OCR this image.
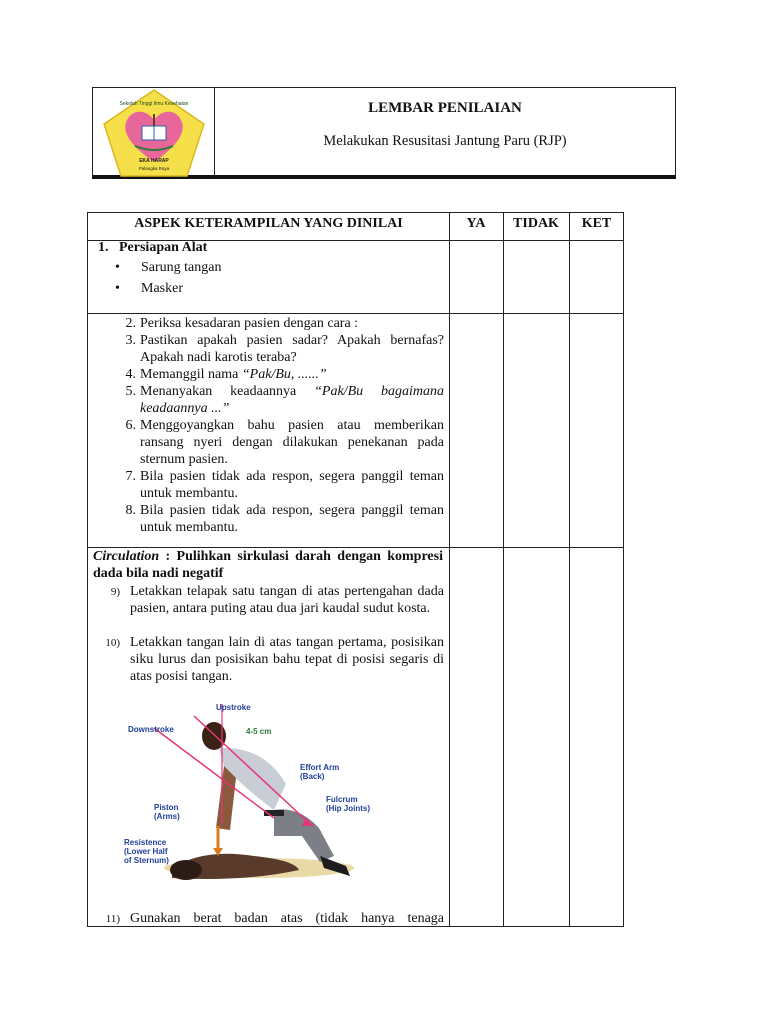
Sekolah Tinggi Ilmu Kesehatan
EKA HARAP
Palangka Raya
LEMBAR PENILAIAN
Melakukan Resusitasi Jantung Paru (RJP)
ASPEK KETERAMPILAN YANG DINILAI	YA	TIDAK	KET
1. Persiapan Alat
• Sarung tangan
• Masker
2. Periksa kesadaran pasien dengan cara :
3. Pastikan apakah pasien sadar? Apakah bernafas? Apakah nadi karotis teraba?
4. Memanggil nama “Pak/Bu, ......”
5. Menanyakan keadaannya “Pak/Bu bagaimana keadaannya ...”
6. Menggoyangkan bahu pasien atau memberikan ransang nyeri dengan dilakukan penekanan pada sternum pasien.
7. Bila pasien tidak ada respon, segera panggil teman untuk membantu.
8. Bila pasien tidak ada respon, segera panggil teman untuk membantu.
Circulation : Pulihkan sirkulasi darah dengan kompresi dada bila nadi negatif
9) Letakkan telapak satu tangan di atas pertengahan dada pasien, antara puting atau dua jari kaudal sudut kosta.
10) Letakkan tangan lain di atas tangan pertama, posisikan siku lurus dan posisikan bahu tepat di posisi segaris di atas posisi tangan.
Upstroke
Downstroke	4-5 cm
Effort Arm
(Back)
Fulcrum
(Hip Joints)
Piston
(Arms)
Resistence
(Lower Half
of Sternum)
11) Gunakan berat badan atas (tidak hanya tenaga
